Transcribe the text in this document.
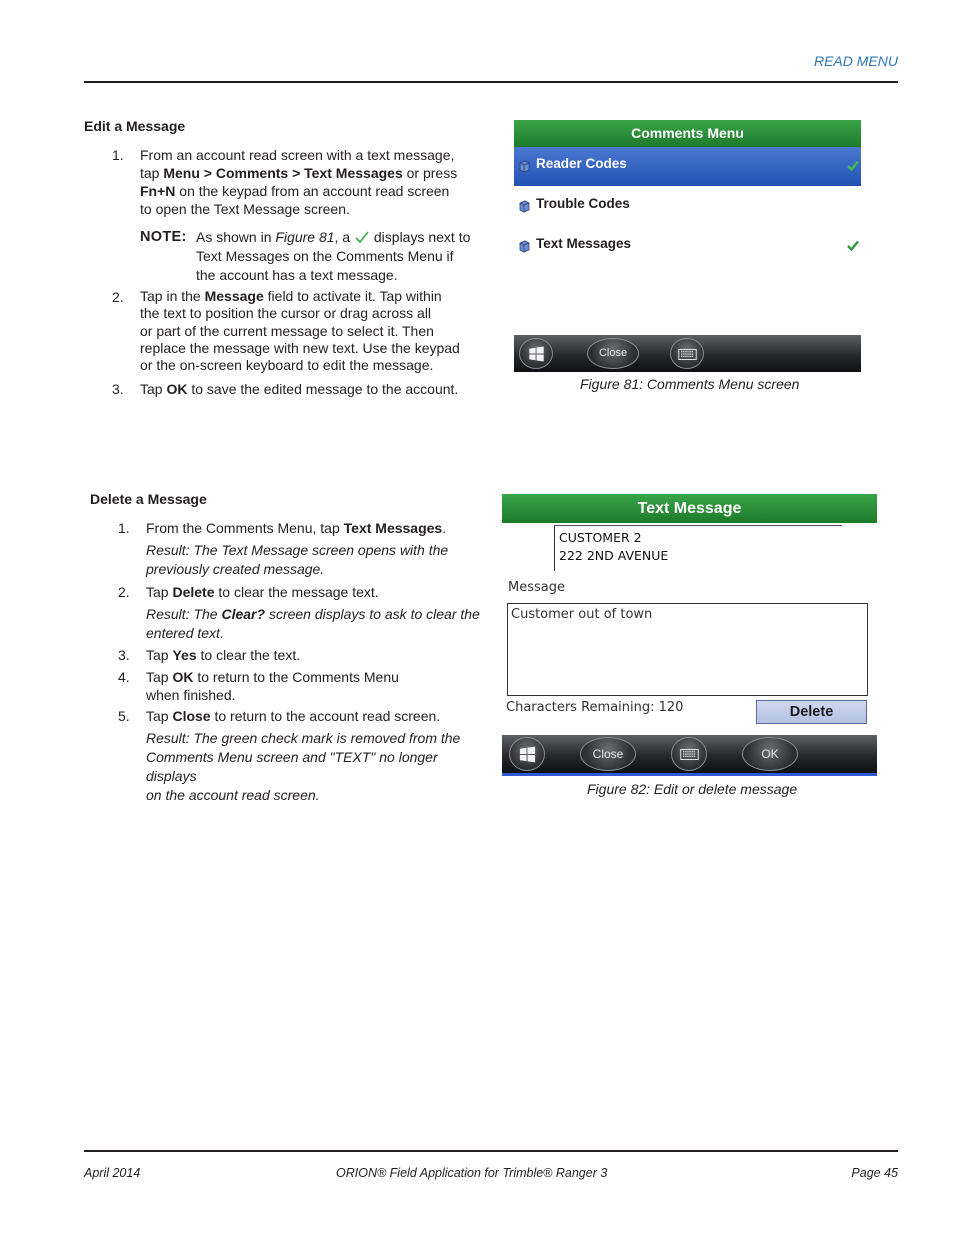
READ MENU
Edit a Message
1. From an account read screen with a text message,
tap Menu > Comments > Text Messages or press
Fn+N on the keypad from an account read screen
to open the Text Message screen.
NOTE: As shown in Figure 81, a  displays next to
Text Messages on the Comments Menu if
the account has a text message.
2. Tap in the Message field to activate it. Tap within
the text to position the cursor or drag across all
or part of the current message to select it. Then
replace the message with new text. Use the keypad
or the on-screen keyboard to edit the message.
3. Tap OK to save the edited message to the account.
Comments Menu
Reader Codes
Trouble Codes
Text Messages
Close
Figure 81: Comments Menu screen
Delete a Message
1. From the Comments Menu, tap Text Messages.
Result: The Text Message screen opens with the
previously created message.
2. Tap Delete to clear the message text.
Result: The Clear? screen displays to ask to clear the
entered text.
3. Tap Yes to clear the text.
4. Tap OK to return to the Comments Menu
when finished.
5. Tap Close to return to the account read screen.
Result: The green check mark is removed from the
Comments Menu screen and "TEXT" no longer displays
on the account read screen.
Text Message
CUSTOMER 2
222 2ND AVENUE
Message
Customer out of town
Characters Remaining: 120	Delete
Close	OK
Figure 82: Edit or delete message
April 2014	ORION® Field Application for Trimble® Ranger 3	Page 45
